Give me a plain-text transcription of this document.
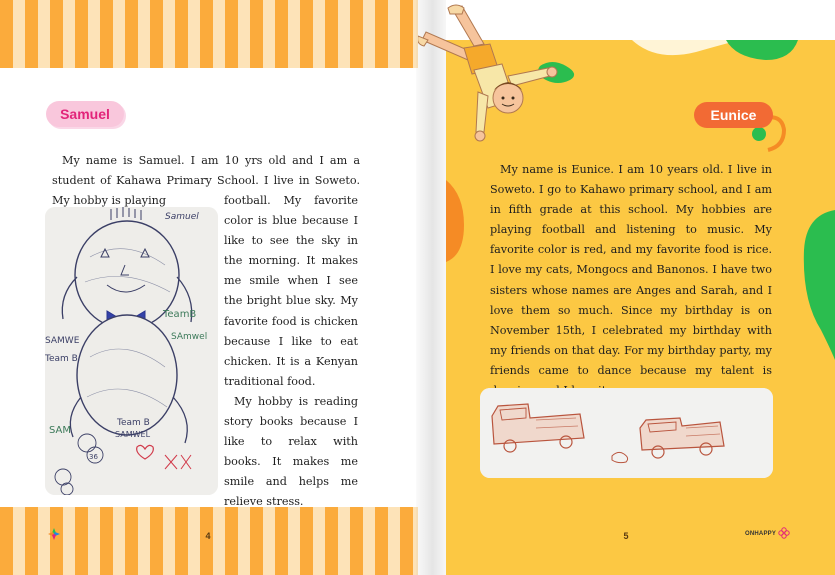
Samuel

My name is Samuel. I am 10 yrs old and I am a student of Kahawa Primary School. I live in Soweto. My hobby is playing	football. My favorite color is blue because I like to see the sky in the morning. It makes me smile when I see the bright blue sky. My favorite food is chicken because I like to eat chicken. It is a Kenyan traditional food.

My hobby is reading story books because I like to relax with books. It makes me smile and helps me relieve stress.

Samuel
TeamB
SAmwel
SAMWE
Team B
Team B
SAMWEL
SAM
36
4
Eunice

My name is Eunice. I am 10 years old. I live in Soweto. I go to Kahawo primary school, and I am in fifth grade at this school. My hobbies are playing football and listening to music. My favorite color is red, and my favorite food is rice. I love my cats, Mongocs and Banonos. I have two sisters whose names are Anges and Sarah, and I love them so much. Since my birthday is on November 15th, I celebrated my birthday with my friends on that day. For my birthday party, my friends came to dance because my talent is

5	ONHAPPY
